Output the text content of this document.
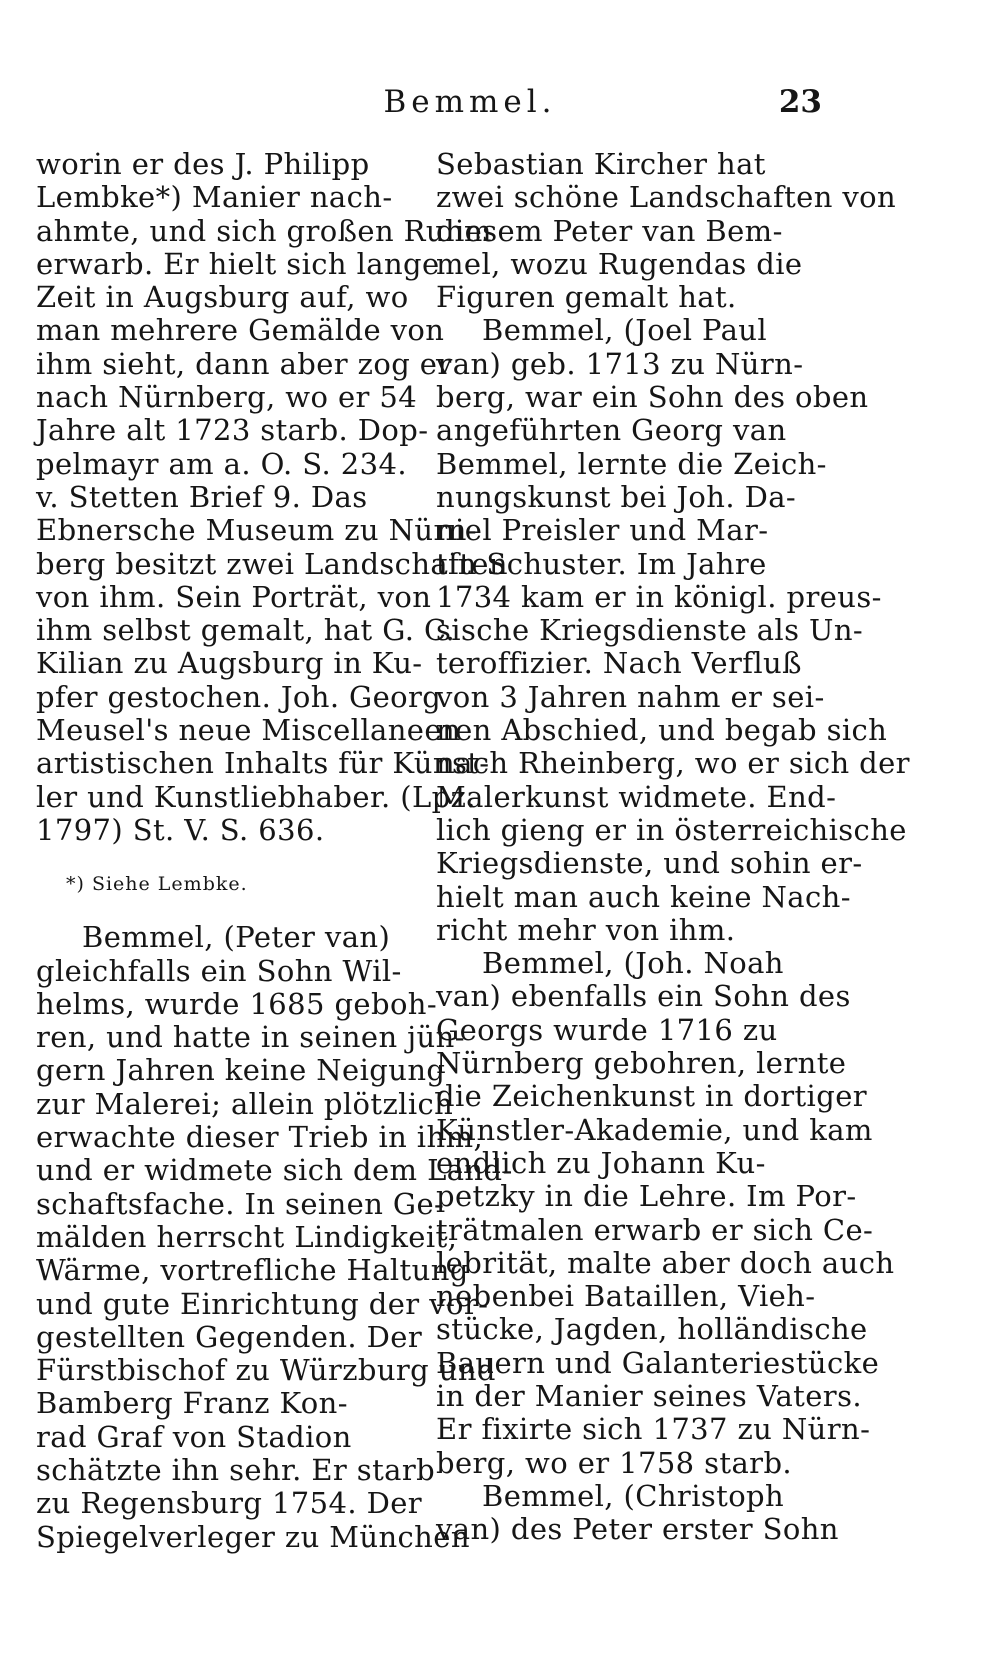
Bemmel.	23
worin er des J. Philipp
Lembke*) Manier nach-
ahmte, und sich großen Ruhm
erwarb. Er hielt sich lange
Zeit in Augsburg auf, wo
man mehrere Gemälde von
ihm sieht, dann aber zog er
nach Nürnberg, wo er 54
Jahre alt 1723 starb. Dop-
pelmayr am a. O. S. 234.
v. Stetten Brief 9. Das
Ebnersche Museum zu Nürn-
berg besitzt zwei Landschaften
von ihm. Sein Porträt, von
ihm selbst gemalt, hat G. C.
Kilian zu Augsburg in Ku-
pfer gestochen. Joh. Georg
Meusel's neue Miscellaneen
artistischen Inhalts für Künst-
ler und Kunstliebhaber. (Lpz.
1797) St. V. S. 636.
*) Siehe Lembke.
Bemmel, (Peter van)
gleichfalls ein Sohn Wil-
helms, wurde 1685 geboh-
ren, und hatte in seinen jün-
gern Jahren keine Neigung
zur Malerei; allein plötzlich
erwachte dieser Trieb in ihm,
und er widmete sich dem Land-
schaftsfache. In seinen Ge-
mälden herrscht Lindigkeit,
Wärme, vortrefliche Haltung
und gute Einrichtung der vor-
gestellten Gegenden. Der
Fürstbischof zu Würzburg und
Bamberg Franz Kon-
rad Graf von Stadion
schätzte ihn sehr. Er starb
zu Regensburg 1754. Der
Spiegelverleger zu München
Sebastian Kircher hat
zwei schöne Landschaften von
diesem Peter van Bem-
mel, wozu Rugendas die
Figuren gemalt hat.
Bemmel, (Joel Paul
van) geb. 1713 zu Nürn-
berg, war ein Sohn des oben
angeführten Georg van
Bemmel, lernte die Zeich-
nungskunst bei Joh. Da-
niel Preisler und Mar-
tin Schuster. Im Jahre
1734 kam er in königl. preus-
sische Kriegsdienste als Un-
teroffizier. Nach Verfluß
von 3 Jahren nahm er sei-
nen Abschied, und begab sich
nach Rheinberg, wo er sich der
Malerkunst widmete. End-
lich gieng er in österreichische
Kriegsdienste, und sohin er-
hielt man auch keine Nach-
richt mehr von ihm.
Bemmel, (Joh. Noah
van) ebenfalls ein Sohn des
Georgs wurde 1716 zu
Nürnberg gebohren, lernte
die Zeichenkunst in dortiger
Künstler-Akademie, und kam
endlich zu Johann Ku-
petzky in die Lehre. Im Por-
trätmalen erwarb er sich Ce-
lebrität, malte aber doch auch
nebenbei Bataillen, Vieh-
stücke, Jagden, holländische
Bauern und Galanteriestücke
in der Manier seines Vaters.
Er fixirte sich 1737 zu Nürn-
berg, wo er 1758 starb.
Bemmel, (Christoph
van) des Peter erster Sohn
